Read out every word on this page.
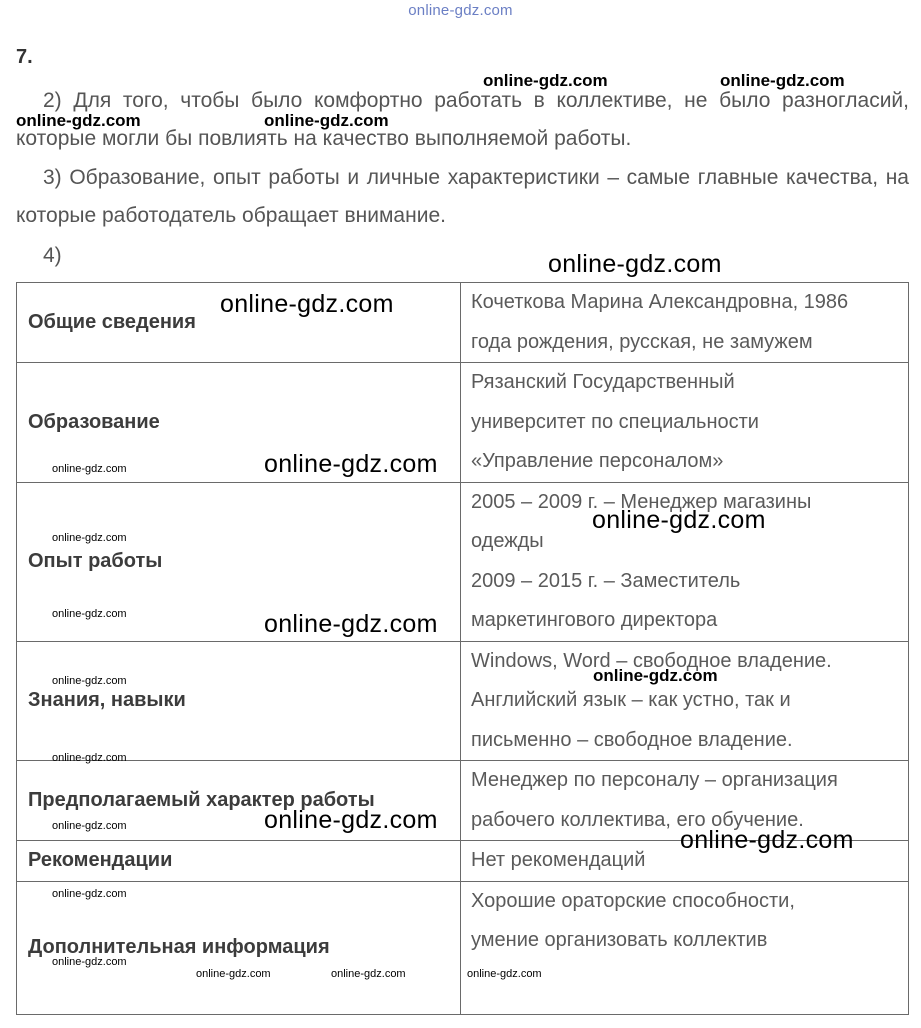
online-gdz.com
7.

2) Для того, чтобы было комфортно работать в коллективе, не было разногласий, которые могли бы повлиять на качество выполняемой работы.

3) Образование, опыт работы и личные характеристики – самые главные качества, на которые работодатель обращает внимание.

4)

Общие сведения	Кочеткова Марина Александровна, 1986
года рождения, русская, не замужем

Образование	Рязанский Государственный
университет по специальности
«Управление персоналом»

Опыт работы	2005 – 2009 г. – Менеджер магазины
одежды
2009 – 2015 г. – Заместитель
маркетингового директора

Знания, навыки	Windows, Word – свободное владение.
Английский язык – как устно, так и
письменно – свободное владение.

Предполагаемый характер работы	Менеджер по персоналу – организация
рабочего коллектива, его обучение.

Рекомендации	Нет рекомендаций

Дополнительная информация	Хорошие ораторские способности,
умение организовать коллектив
online-gdz.com	online-gdz.com
online-gdz.com	online-gdz.com
online-gdz.com
online-gdz.com
online-gdz.com	online-gdz.com
online-gdz.com
online-gdz.com
online-gdz.com	online-gdz.com
online-gdz.com
online-gdz.com
online-gdz.com
online-gdz.com	online-gdz.com
online-gdz.com
online-gdz.com
online-gdz.com
online-gdz.com	online-gdz.com	online-gdz.com
